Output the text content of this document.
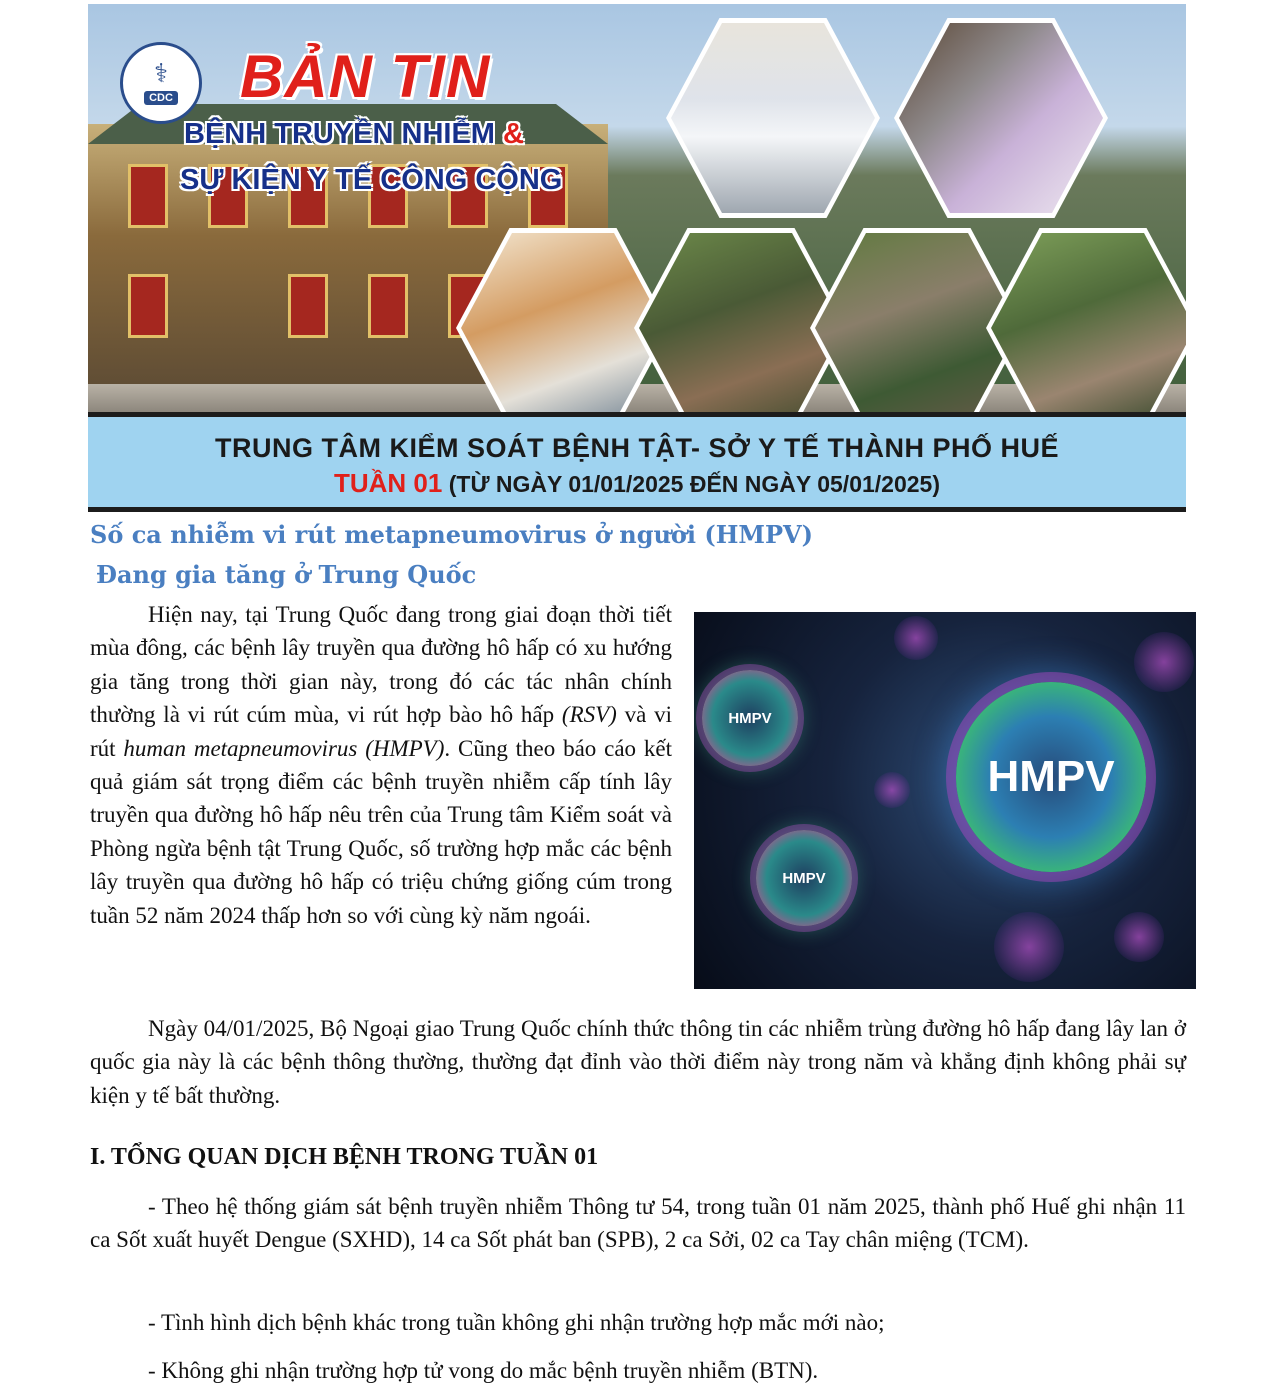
⚕
CDC BẢN TIN
BỆNH TRUYỀN NHIỄM &
SỰ KIỆN Y TẾ CÔNG CỘNG
TRUNG TÂM KIỂM SOÁT BỆNH TẬT- SỞ Y TẾ THÀNH PHỐ HUẾ
TUẦN 01 (TỪ NGÀY 01/01/2025 ĐẾN NGÀY 05/01/2025)
Số ca nhiễm vi rút metapneumovirus ở người (HMPV)
Đang gia tăng ở Trung Quốc
Hiện nay, tại Trung Quốc đang trong giai đoạn thời tiết mùa đông, các bệnh lây truyền qua đường hô hấp có xu hướng gia tăng trong thời gian này, trong đó các tác nhân chính thường là vi rút cúm mùa, vi rút hợp bào hô hấp (RSV) và vi rút human metapneumovirus (HMPV). Cũng theo báo cáo kết quả giám sát trọng điểm các bệnh truyền nhiễm cấp tính lây truyền qua đường hô hấp nêu trên của Trung tâm Kiểm soát và Phòng ngừa bệnh tật Trung Quốc, số trường hợp mắc các bệnh lây truyền qua đường hô hấp có triệu chứng giống cúm trong tuần 52 năm 2024 thấp hơn so với cùng kỳ năm ngoái.
HMPV
HMPV
HMPV
Ngày 04/01/2025, Bộ Ngoại giao Trung Quốc chính thức thông tin các nhiễm trùng đường hô hấp đang lây lan ở quốc gia này là các bệnh thông thường, thường đạt đỉnh vào thời điểm này trong năm và khẳng định không phải sự kiện y tế bất thường.
I. TỔNG QUAN DỊCH BỆNH TRONG TUẦN 01
- Theo hệ thống giám sát bệnh truyền nhiễm Thông tư 54, trong tuần 01 năm 2025, thành phố Huế ghi nhận 11 ca Sốt xuất huyết Dengue (SXHD), 14 ca Sốt phát ban (SPB), 2 ca Sởi, 02 ca Tay chân miệng (TCM).
- Tình hình dịch bệnh khác trong tuần không ghi nhận trường hợp mắc mới nào;
- Không ghi nhận trường hợp tử vong do mắc bệnh truyền nhiễm (BTN).
